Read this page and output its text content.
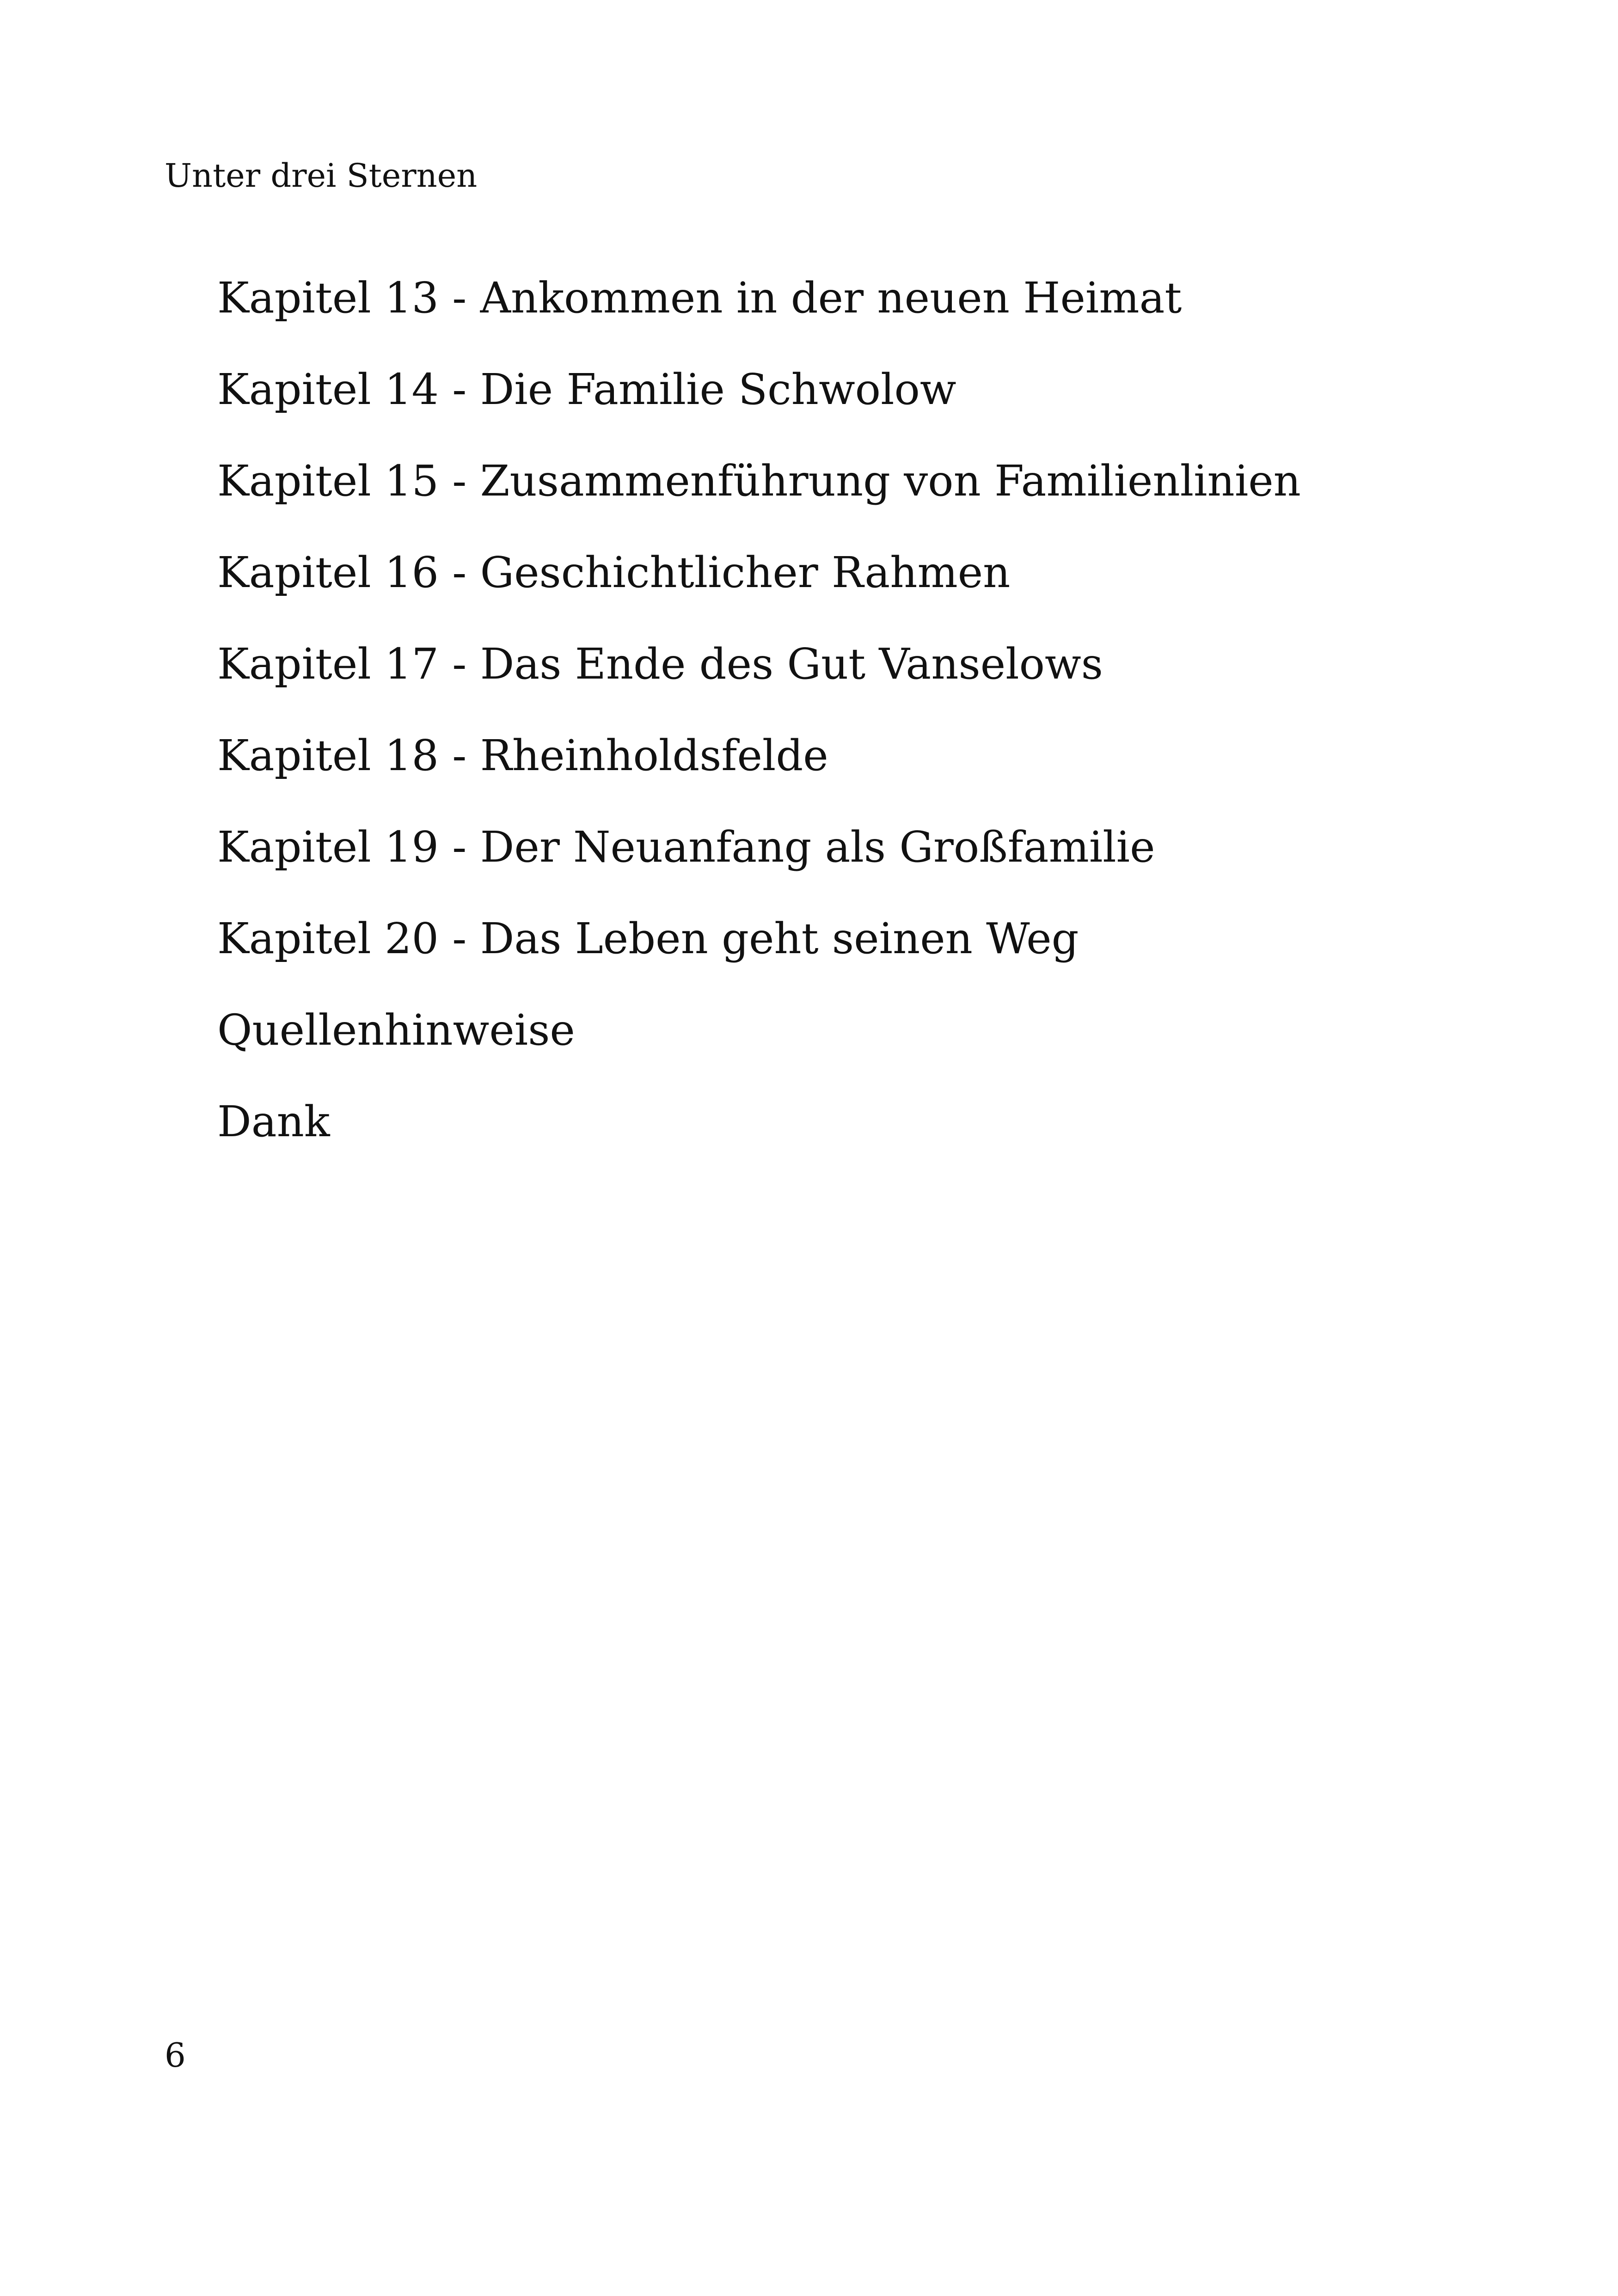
Unter drei Sternen
Kapitel 13 - Ankommen in der neuen Heimat
Kapitel 14 - Die Familie Schwolow
Kapitel 15 - Zusammenführung von Familienlinien
Kapitel 16 - Geschichtlicher Rahmen
Kapitel 17 - Das Ende des Gut Vanselows
Kapitel 18 - Rheinholdsfelde
Kapitel 19 - Der Neuanfang als Großfamilie
Kapitel 20 - Das Leben geht seinen Weg
Quellenhinweise
Dank
6
